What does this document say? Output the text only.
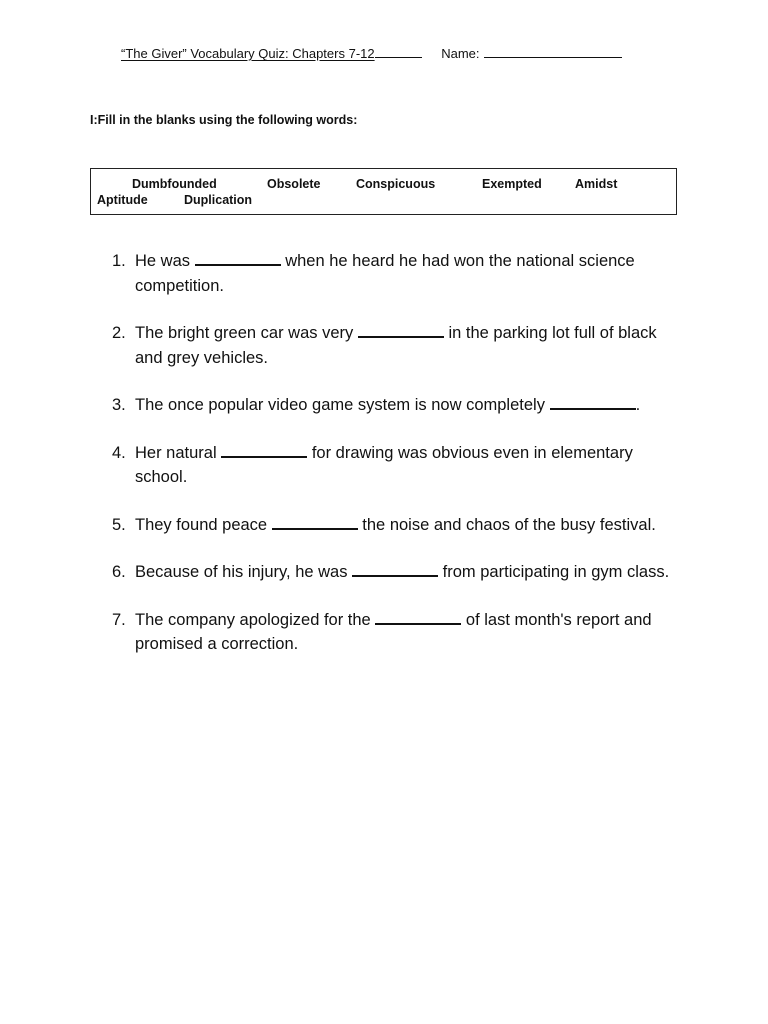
“The Giver” Vocabulary Quiz: Chapters 7-12	Name:
I:Fill in the blanks using the following words:
Dumbfounded	Obsolete	Conspicuous	Exempted	Amidst
Aptitude	Duplication
1. He was	when he heard he had won the national science competition.
2. The bright green car was very	in the parking lot full of black and grey vehicles.
3. The once popular video game system is now completely	.
4. Her natural	for drawing was obvious even in elementary school.
5. They found peace	the noise and chaos of the busy festival.
6. Because of his injury, he was	from participating in gym class.
7. The company apologized for the	of last month's report and promised a correction.
